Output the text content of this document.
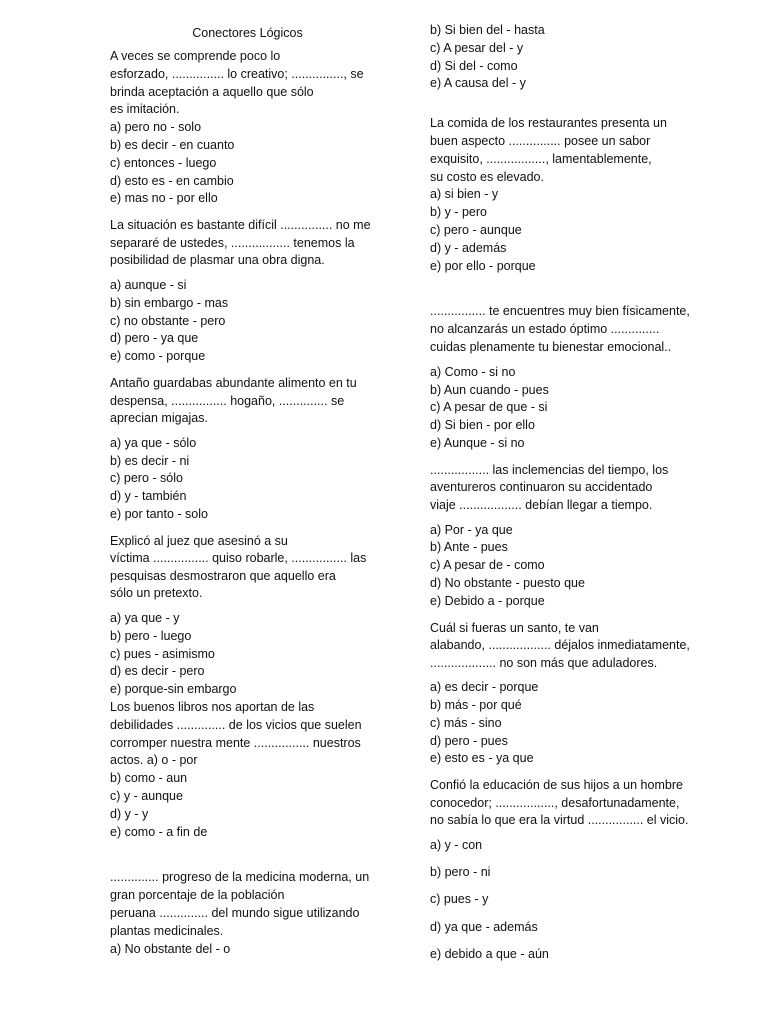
Conectores Lógicos
A veces se comprende poco lo
esforzado, ............... lo creativo; ..............., se
brinda aceptación a aquello que sólo
es imitación.
a) pero no - solo
b) es decir - en cuanto
c) entonces - luego
d) esto es - en cambio
e) mas no - por ello
La situación es bastante difícil ............... no me
separaré de ustedes, ................. tenemos la
posibilidad de plasmar una obra digna.
a) aunque - si
b) sin embargo - mas
c) no obstante - pero
d) pero - ya que
e) como - porque
Antaño guardabas abundante alimento en tu
despensa, ................ hogaño, .............. se
aprecian migajas.
a) ya que - sólo
b) es decir - ni
c) pero - sólo
d) y - también
e) por tanto - solo
Explicó al juez que asesinó a su
víctima ................ quiso robarle, ................ las
pesquisas desmostraron que aquello era
sólo un pretexto.
a) ya que - y
b) pero - luego
c) pues - asimismo
d) es decir - pero
e) porque-sin embargo
Los buenos libros nos aportan de las
debilidades .............. de los vicios que suelen
corromper nuestra mente ................ nuestros
actos. a) o - por
b) como - aun
c) y - aunque
d) y - y
e) como - a fin de
.............. progreso de la medicina moderna, un
gran porcentaje de la población
peruana .............. del mundo sigue utilizando
plantas medicinales.
a) No obstante del - o
b) Si bien del - hasta
c) A pesar del - y
d) Si del - como
e) A causa del - y
La comida de los restaurantes presenta un
buen aspecto ............... posee un sabor
exquisito, ................., lamentablemente,
su costo es elevado.
a) si bien - y
b) y - pero
c) pero - aunque
d) y - además
e) por ello - porque
................ te encuentres muy bien físicamente,
no alcanzarás un estado óptimo ..............
cuidas plenamente tu bienestar emocional..
a) Como - si no
b) Aun cuando - pues
c) A pesar de que - si
d) Si bien - por ello
e) Aunque - si no
................. las inclemencias del tiempo, los
aventureros continuaron su accidentado
viaje .................. debían llegar a tiempo.
a) Por - ya que
b) Ante - pues
c) A pesar de - como
d) No obstante - puesto que
e) Debido a - porque
Cuál si fueras un santo, te van
alabando, .................. déjalos inmediatamente,
................... no son más que aduladores.
a) es decir - porque
b) más - por qué
c) más - sino
d) pero - pues
e) esto es - ya que
Confió la educación de sus hijos a un hombre
conocedor; ................., desafortunadamente,
no sabía lo que era la virtud ................ el vicio.
a) y - con
b) pero - ni
c) pues - y
d) ya que - además
e) debido a que - aún
